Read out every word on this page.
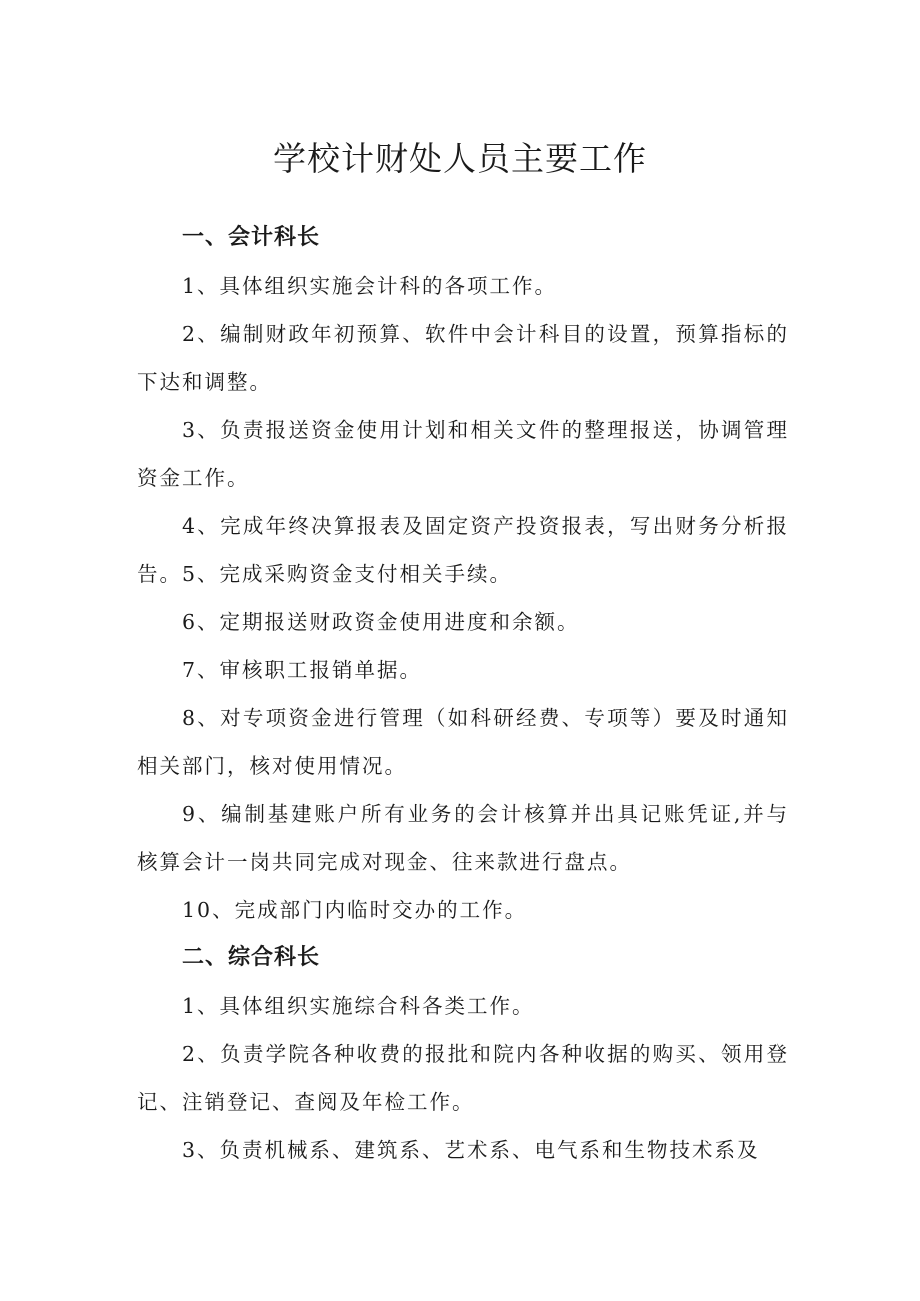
学校计财处人员主要工作
一、会计科长

1、具体组织实施会计科的各项工作。

2、编制财政年初预算、软件中会计科目的设置，预算指标的下达和调整。

3、负责报送资金使用计划和相关文件的整理报送，协调管理资金工作。

4、完成年终决算报表及固定资产投资报表，写出财务分析报告。5、完成采购资金支付相关手续。

6、定期报送财政资金使用进度和余额。

7、审核职工报销单据。

8、对专项资金进行管理（如科研经费、专项等）要及时通知相关部门，核对使用情况。

9、编制基建账户所有业务的会计核算并出具记账凭证,并与核算会计一岗共同完成对现金、往来款进行盘点。

10、完成部门内临时交办的工作。

二、综合科长

1、具体组织实施综合科各类工作。

2、负责学院各种收费的报批和院内各种收据的购买、领用登记、注销登记、查阅及年检工作。

3、负责机械系、建筑系、艺术系、电气系和生物技术系及
